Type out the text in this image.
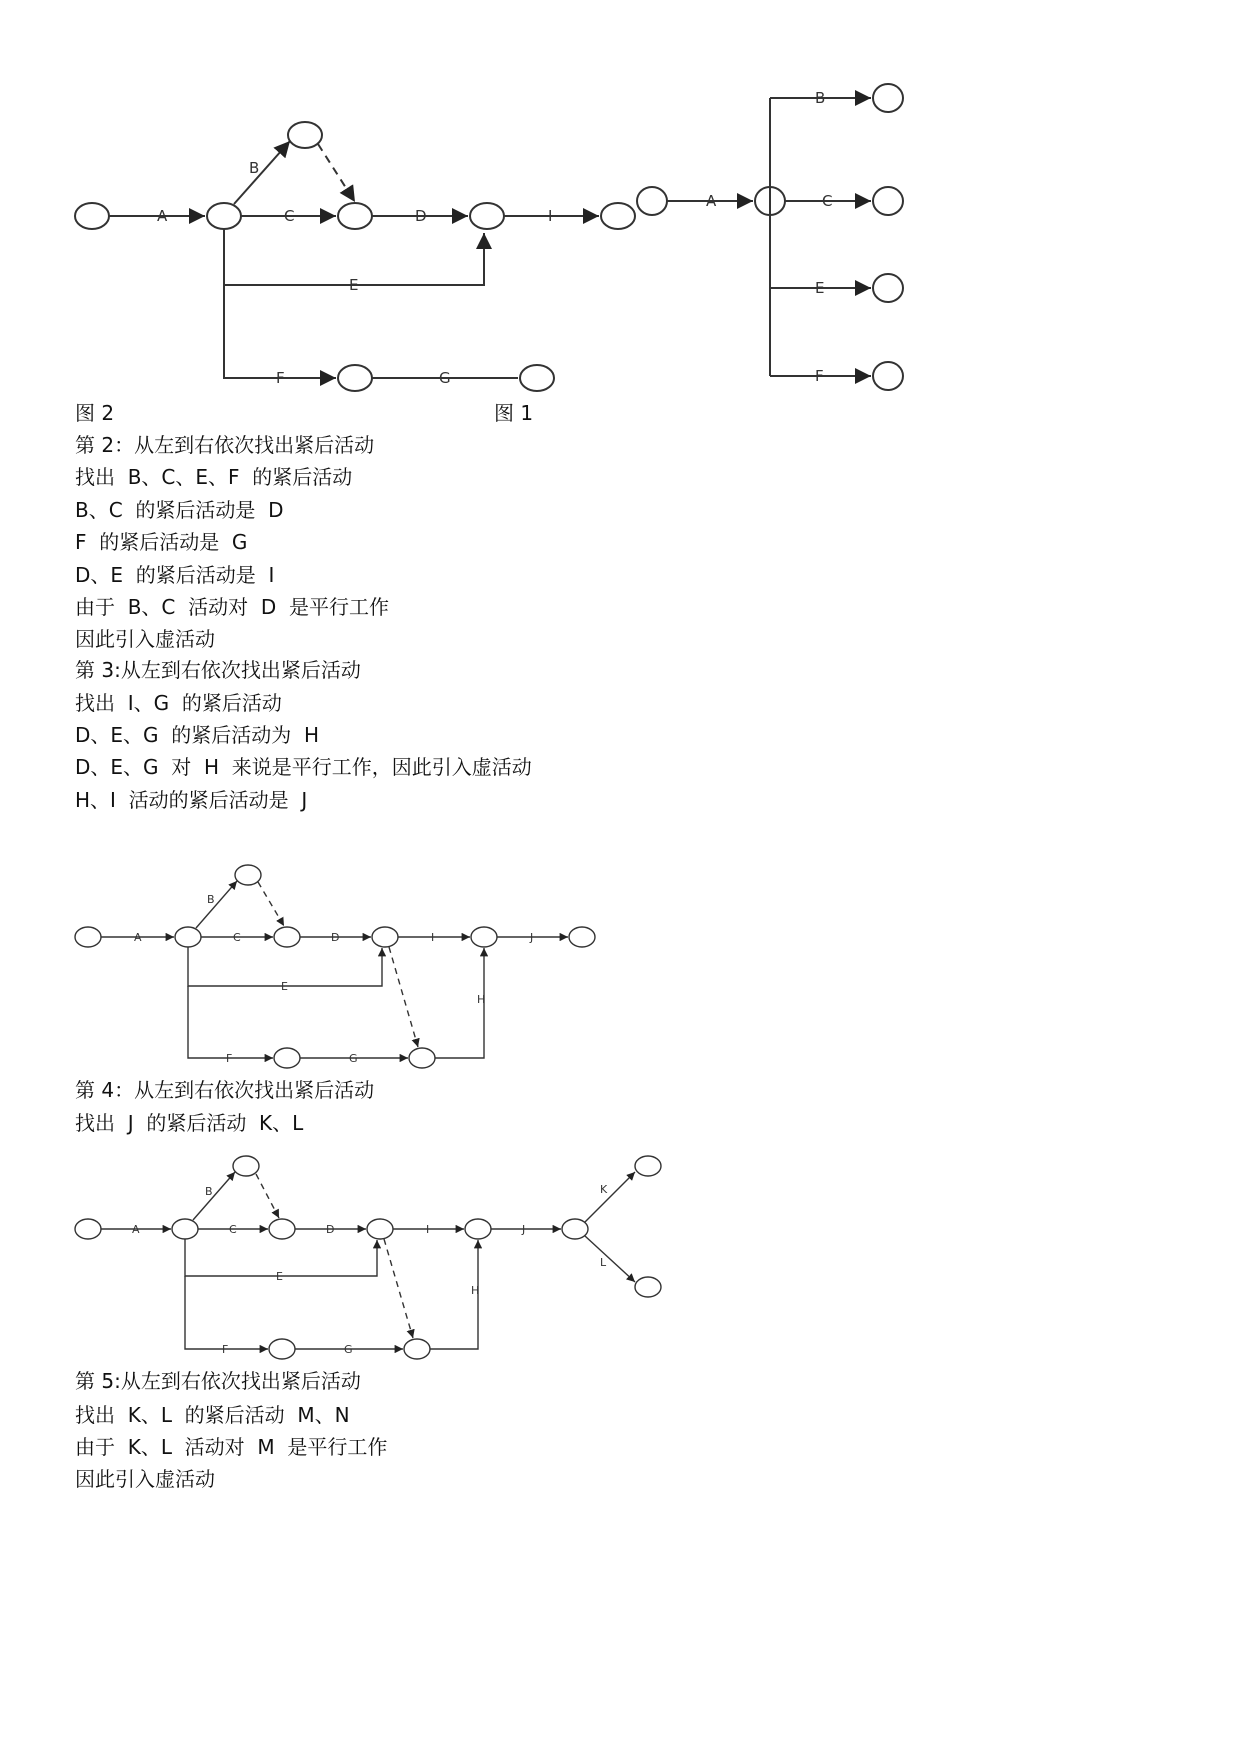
A
B
C	D	I
E
F	G
A
B
C
E
F
A
B
C	D	I	J
E
H
F	G
A
B
C	D	I	J
K
L
E
H
F	G
图 2	图 1
第 2：从左到右依次找出紧后活动
找出  B、C、E、F  的紧后活动
B、C  的紧后活动是  D
F  的紧后活动是  G
D、E  的紧后活动是  I
由于  B、C  活动对  D  是平行工作
因此引入虚活动
第 3:从左到右依次找出紧后活动
找出  I、G  的紧后活动
D、E、G  的紧后活动为  H
D、E、G  对  H  来说是平行工作，因此引入虚活动
H、I  活动的紧后活动是  J
第 4：从左到右依次找出紧后活动
找出  J  的紧后活动  K、L
第 5:从左到右依次找出紧后活动
找出  K、L  的紧后活动  M、N
由于  K、L  活动对  M  是平行工作
因此引入虚活动
